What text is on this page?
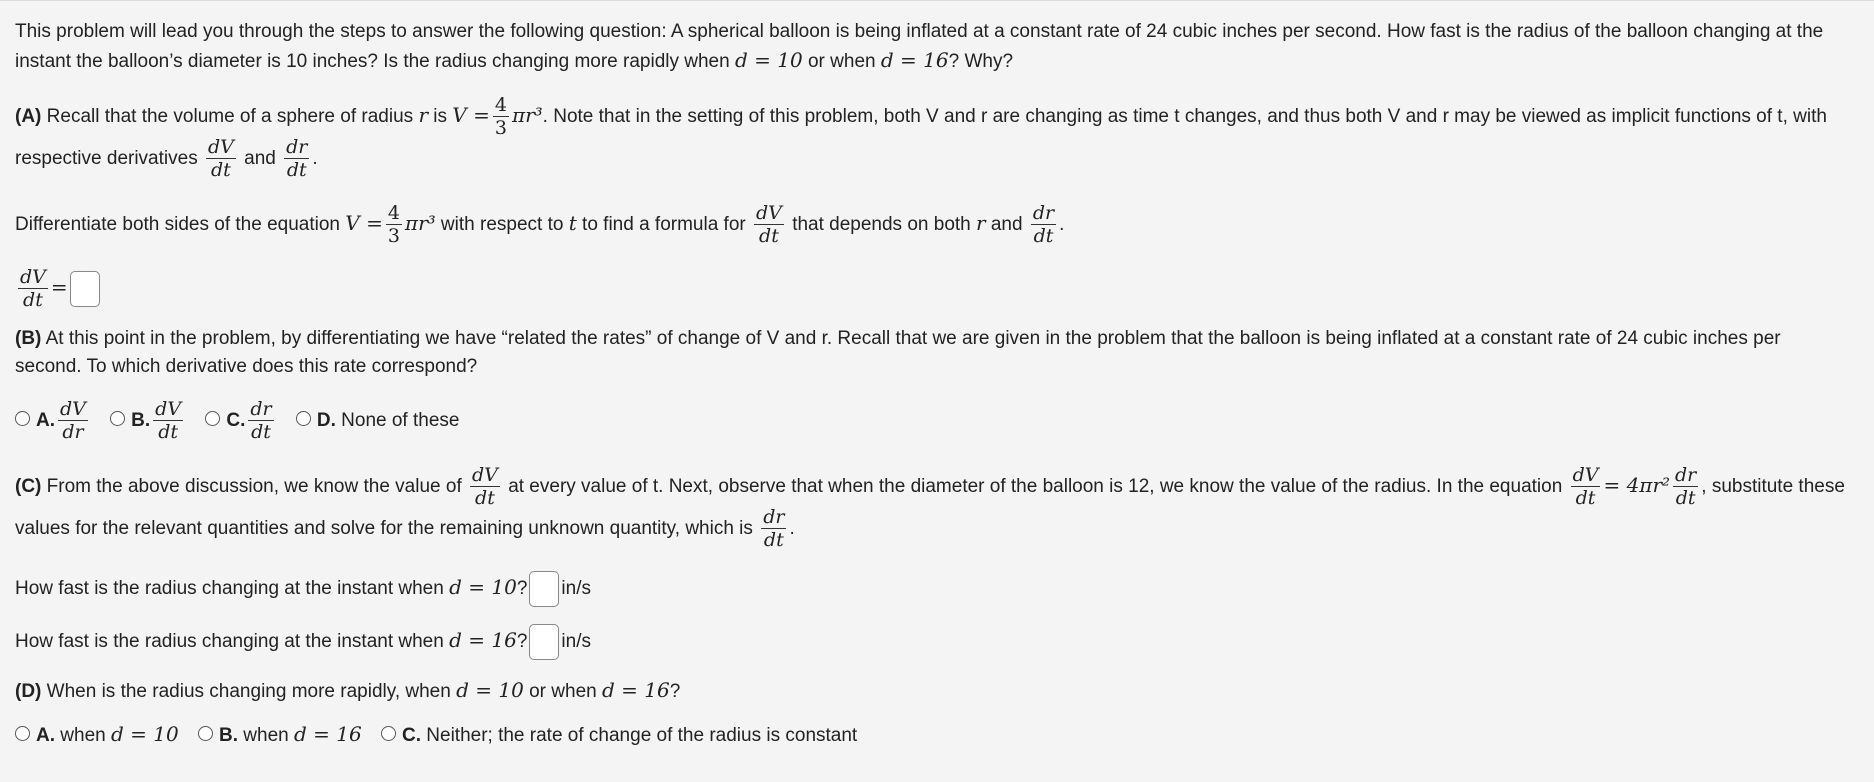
This problem will lead you through the steps to answer the following question: A spherical balloon is being inflated at a constant rate of 24 cubic inches per second. How fast is the radius of the balloon changing at the
instant the balloon’s diameter is 10 inches? Is the radius changing more rapidly when d = 10 or when d = 16? Why?
(A) Recall that the volume of a sphere of radius r is $V = \frac{4}{3} \pi r^3$. Note that in the setting of this problem, both V and r are changing as time t changes, and thus both V and r may be viewed as implicit functions of t, with
respective derivatives $\frac{dV}{dt}$ and $\frac{dr}{dt}$ .
Differentiate both sides of the equation $V = \frac{4}{3} \pi r^3$ with respect to t to find a formula for $\frac{dV}{dt}$ that depends on both r and $\frac{dr}{dt}$ .
$\frac{dV}{dt}$ =
(B) At this point in the problem, by differentiating we have “related the rates” of change of V and r. Recall that we are given in the problem that the balloon is being inflated at a constant rate of 24 cubic inches per
second. To which derivative does this rate correspond?
A. $\frac{dV}{dr} B$. $\frac{dV}{dt} C$. $\frac{dr}{dt} D$. None of these
(C) From the above discussion, we know the value of $\frac{dV}{dt}$ at every value of t. Next, observe that when the diameter of the balloon is 12, we know the value of the radius. In the equation $\frac{dV}{dt} = 4\pi r^2 \frac{dr}{dt}$ , substitute these
values for the relevant quantities and solve for the remaining unknown quantity, which is $\frac{dr}{dt}$ .
How fast is the radius changing at the instant when d = 10? in/s
How fast is the radius changing at the instant when d = 16? in/s
(D) When is the radius changing more rapidly, when d = 10 or when d = 16?
A. when d = 10 B. when d = 16 C. Neither; the rate of change of the radius is constant
